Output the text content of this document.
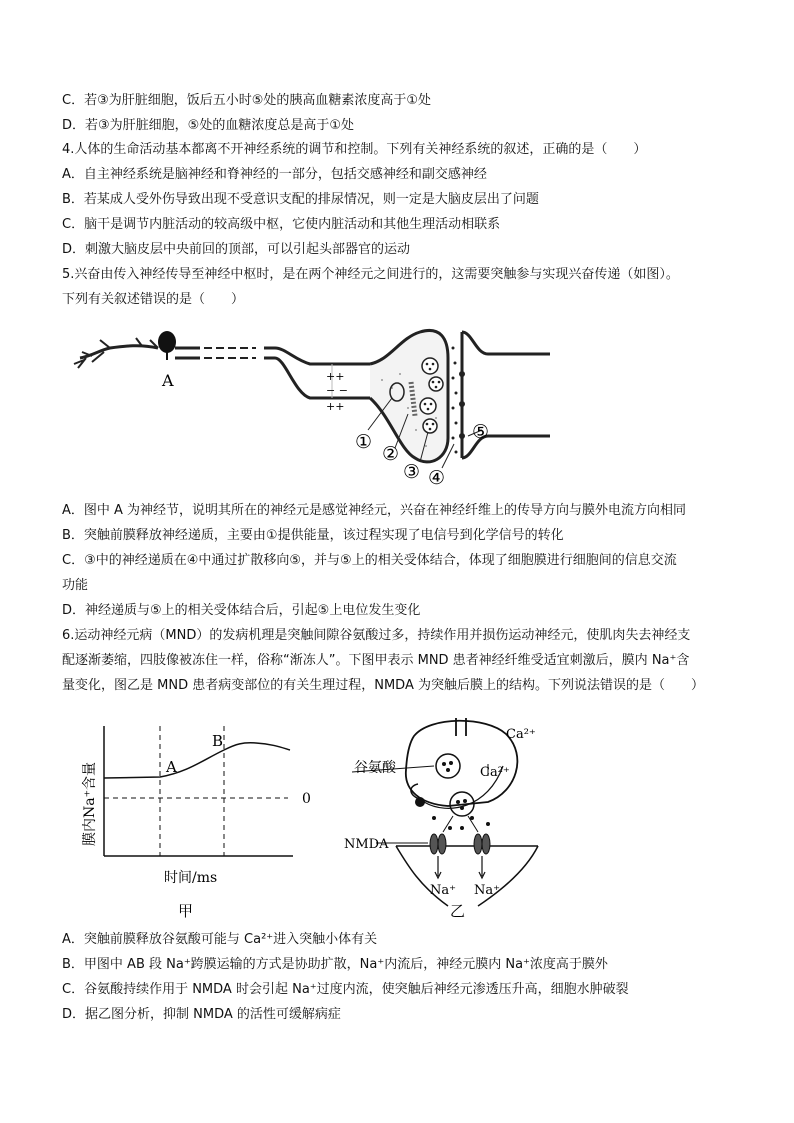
C．若③为肝脏细胞，饭后五小时⑤处的胰高血糖素浓度高于①处
D．若③为肝脏细胞，⑤处的血糖浓度总是高于①处
4.人体的生命活动基本都离不开神经系统的调节和控制。下列有关神经系统的叙述，正确的是（　　）
A．自主神经系统是脑神经和脊神经的一部分，包括交感神经和副交感神经
B．若某成人受外伤导致出现不受意识支配的排尿情况，则一定是大脑皮层出了问题
C．脑干是调节内脏活动的较高级中枢，它使内脏活动和其他生理活动相联系
D．刺激大脑皮层中央前回的顶部，可以引起头部器官的运动
5.兴奋由传入神经传导至神经中枢时，是在两个神经元之间进行的，这需要突触参与实现兴奋传递（如图）。
下列有关叙述错误的是（　　）
A	++
− −
++
①
②
③ ④
⑤
A．图中 A 为神经节，说明其所在的神经元是感觉神经元，兴奋在神经纤维上的传导方向与膜外电流方向相同
B．突触前膜释放神经递质，主要由①提供能量，该过程实现了电信号到化学信号的转化
C．③中的神经递质在④中通过扩散移向⑤，并与⑤上的相关受体结合，体现了细胞膜进行细胞间的信息交流
功能
D．神经递质与⑤上的相关受体结合后，引起⑤上电位发生变化
6.运动神经元病（MND）的发病机理是突触间隙谷氨酸过多，持续作用并损伤运动神经元，使肌肉失去神经支
配逐渐萎缩，四肢像被冻住一样，俗称“渐冻人”。下图甲表示 MND 患者神经纤维受适宜刺激后，膜内 Na⁺含
量变化，图乙是 MND 患者病变部位的有关生理过程，NMDA 为突触后膜上的结构。下列说法错误的是（　　）
A
B
0
膜内Na⁺含量
时间/ms
甲
Ca²⁺
Ca²⁺
谷氨酸
NMDA
Na⁺ Na⁺
乙
A．突触前膜释放谷氨酸可能与 Ca²⁺进入突触小体有关
B．甲图中 AB 段 Na⁺跨膜运输的方式是协助扩散，Na⁺内流后，神经元膜内 Na⁺浓度高于膜外
C．谷氨酸持续作用于 NMDA 时会引起 Na⁺过度内流，使突触后神经元渗透压升高，细胞水肿破裂
D．据乙图分析，抑制 NMDA 的活性可缓解病症
